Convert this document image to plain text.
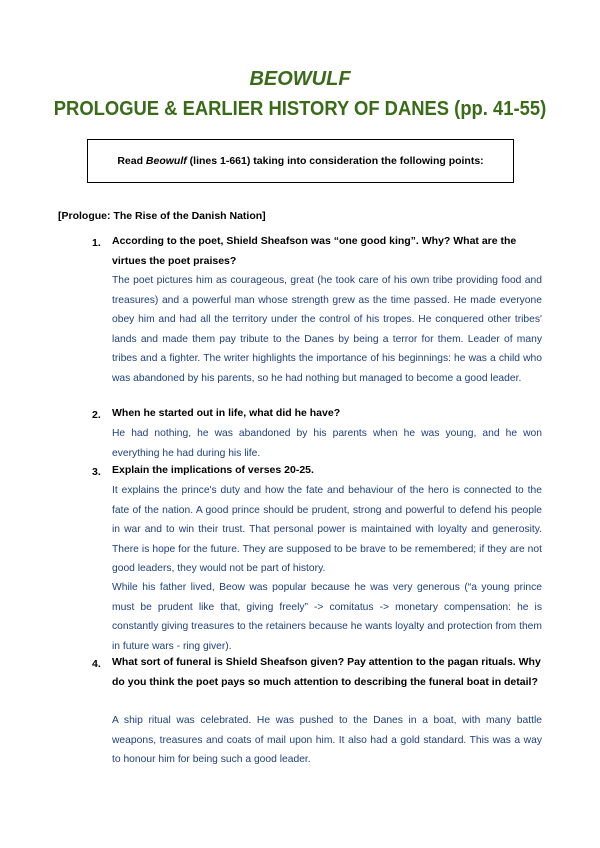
BEOWULF
PROLOGUE & EARLIER HISTORY OF DANES (pp. 41-55)
Read Beowulf (lines 1-661) taking into consideration the following points:
[Prologue: The Rise of the Danish Nation]
1. According to the poet, Shield Sheafson was “one good king”. Why? What are the virtues the poet praises?
The poet pictures him as courageous, great (he took care of his own tribe providing food and treasures) and a powerful man whose strength grew as the time passed. He made everyone obey him and had all the territory under the control of his tropes. He conquered other tribes' lands and made them pay tribute to the Danes by being a terror for them. Leader of many tribes and a fighter. The writer highlights the importance of his beginnings: he was a child who was abandoned by his parents, so he had nothing but managed to become a good leader.
2. When he started out in life, what did he have?
He had nothing, he was abandoned by his parents when he was young, and he won everything he had during his life.
3. Explain the implications of verses 20-25.
It explains the prince's duty and how the fate and behaviour of the hero is connected to the fate of the nation. A good prince should be prudent, strong and powerful to defend his people in war and to win their trust. That personal power is maintained with loyalty and generosity. There is hope for the future. They are supposed to be brave to be remembered; if they are not good leaders, they would not be part of history.
While his father lived, Beow was popular because he was very generous (“a young prince must be prudent like that, giving freely” -> comitatus -> monetary compensation: he is constantly giving treasures to the retainers because he wants loyalty and protection from them in future wars - ring giver).
4. What sort of funeral is Shield Sheafson given? Pay attention to the pagan rituals. Why do you think the poet pays so much attention to describing the funeral boat in detail?
A ship ritual was celebrated. He was pushed to the Danes in a boat, with many battle weapons, treasures and coats of mail upon him. It also had a gold standard. This was a way to honour him for being such a good leader.
